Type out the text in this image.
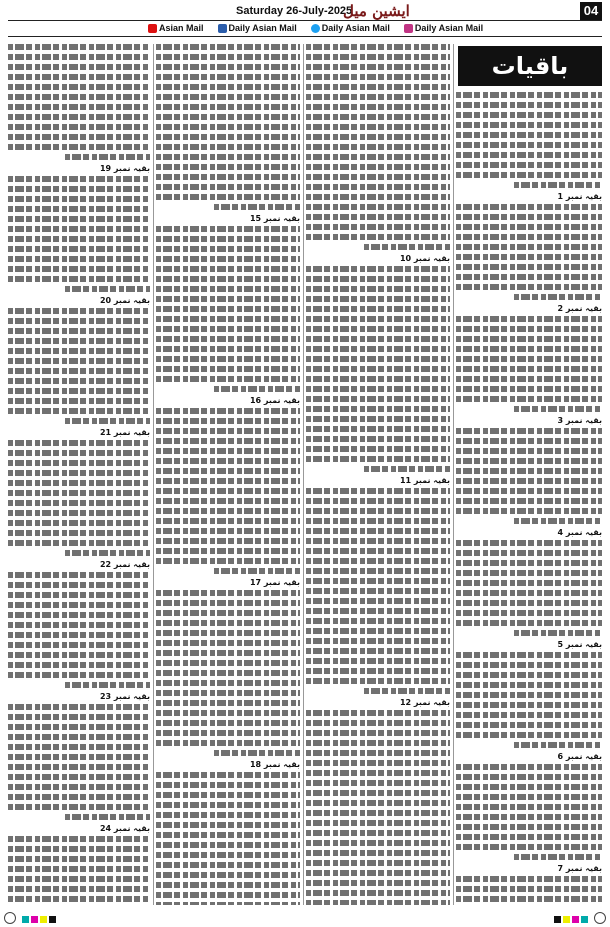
Saturday 26-July-2025
ایشین میل	04
Asian Mail	Daily Asian Mail	Daily Asian Mail	Daily Asian Mail
باقیات
بقیہ نمبر 19
بقیہ نمبر 20
بقیہ نمبر 21
بقیہ نمبر 22
بقیہ نمبر 23
بقیہ نمبر 24
بقیہ نمبر 15
بقیہ نمبر 16
بقیہ نمبر 17
بقیہ نمبر 18
بقیہ نمبر 10
بقیہ نمبر 11
بقیہ نمبر 12
بقیہ نمبر 1
بقیہ نمبر 2
بقیہ نمبر 3
بقیہ نمبر 4
بقیہ نمبر 5
بقیہ نمبر 6
بقیہ نمبر 7
